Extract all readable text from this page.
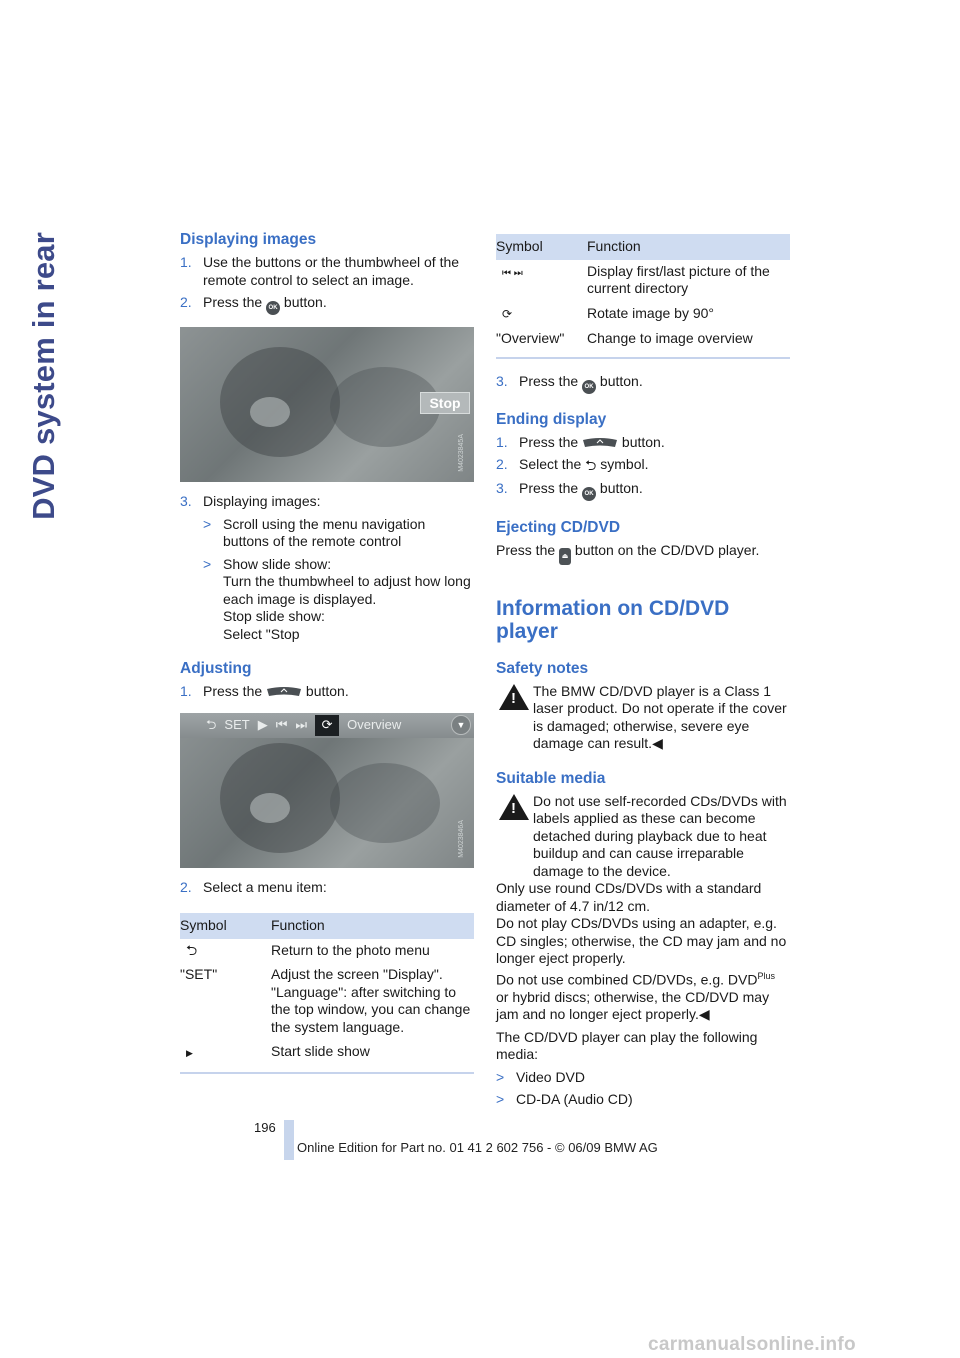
DVD system in rear	Displaying images
1. Use the buttons or the thumbwheel of the remote control to select an image.
2. Press the OK button.
Stop
M4023845A
3. Displaying images:
> Scroll using the menu navigation buttons of the remote control
> Show slide show:
Turn the thumbwheel to adjust how long each image is displayed.
Stop slide show:
Select "Stop
Adjusting
1. Press the	button.
⮌ SET ▶ ⏮ ⏭	⟳	Overview	▼
M4023846A
2. Select a menu item:
Symbol	Function
⮌	Return to the photo menu
"SET"	Adjust the screen "Display". "Language": after switching to the top window, you can change the system language.
▶	Start slide show
Symbol	Function
⏮ ⏭	Display first/last picture of the current directory
⟳	Rotate image by 90°
"Overview"	Change to image overview
3. Press the OK button.
Ending display
1. Press the	button.
2. Select the ⮌ symbol.
3. Press the OK button.
Ejecting CD/DVD

Press the ⏏ button on the CD/DVD player.

Information on CD/DVD
player
Safety notes
!

The BMW CD/DVD player is a Class 1 laser product. Do not operate if the cover is damaged; otherwise, severe eye damage can result.◀

Suitable media
!

Do not use self-recorded CDs/DVDs with labels applied as these can become detached during playback due to heat buildup and can cause irreparable damage to the device.

Only use round CDs/DVDs with a standard diameter of 4.7 in/12 cm.

Do not play CDs/DVDs using an adapter, e.g. CD singles; otherwise, the CD may jam and no longer eject properly.

Do not use combined CD/DVDs, e.g. $DVD^{Plus}$ or hybrid discs; otherwise, the CD/DVD may jam and no longer eject properly.◀

The CD/DVD player can play the following media:

> Video DVD
> CD-DA (Audio CD)
196
Online Edition for Part no. 01 41 2 602 756 - © 06/09 BMW AG
carmanualsonline.info
